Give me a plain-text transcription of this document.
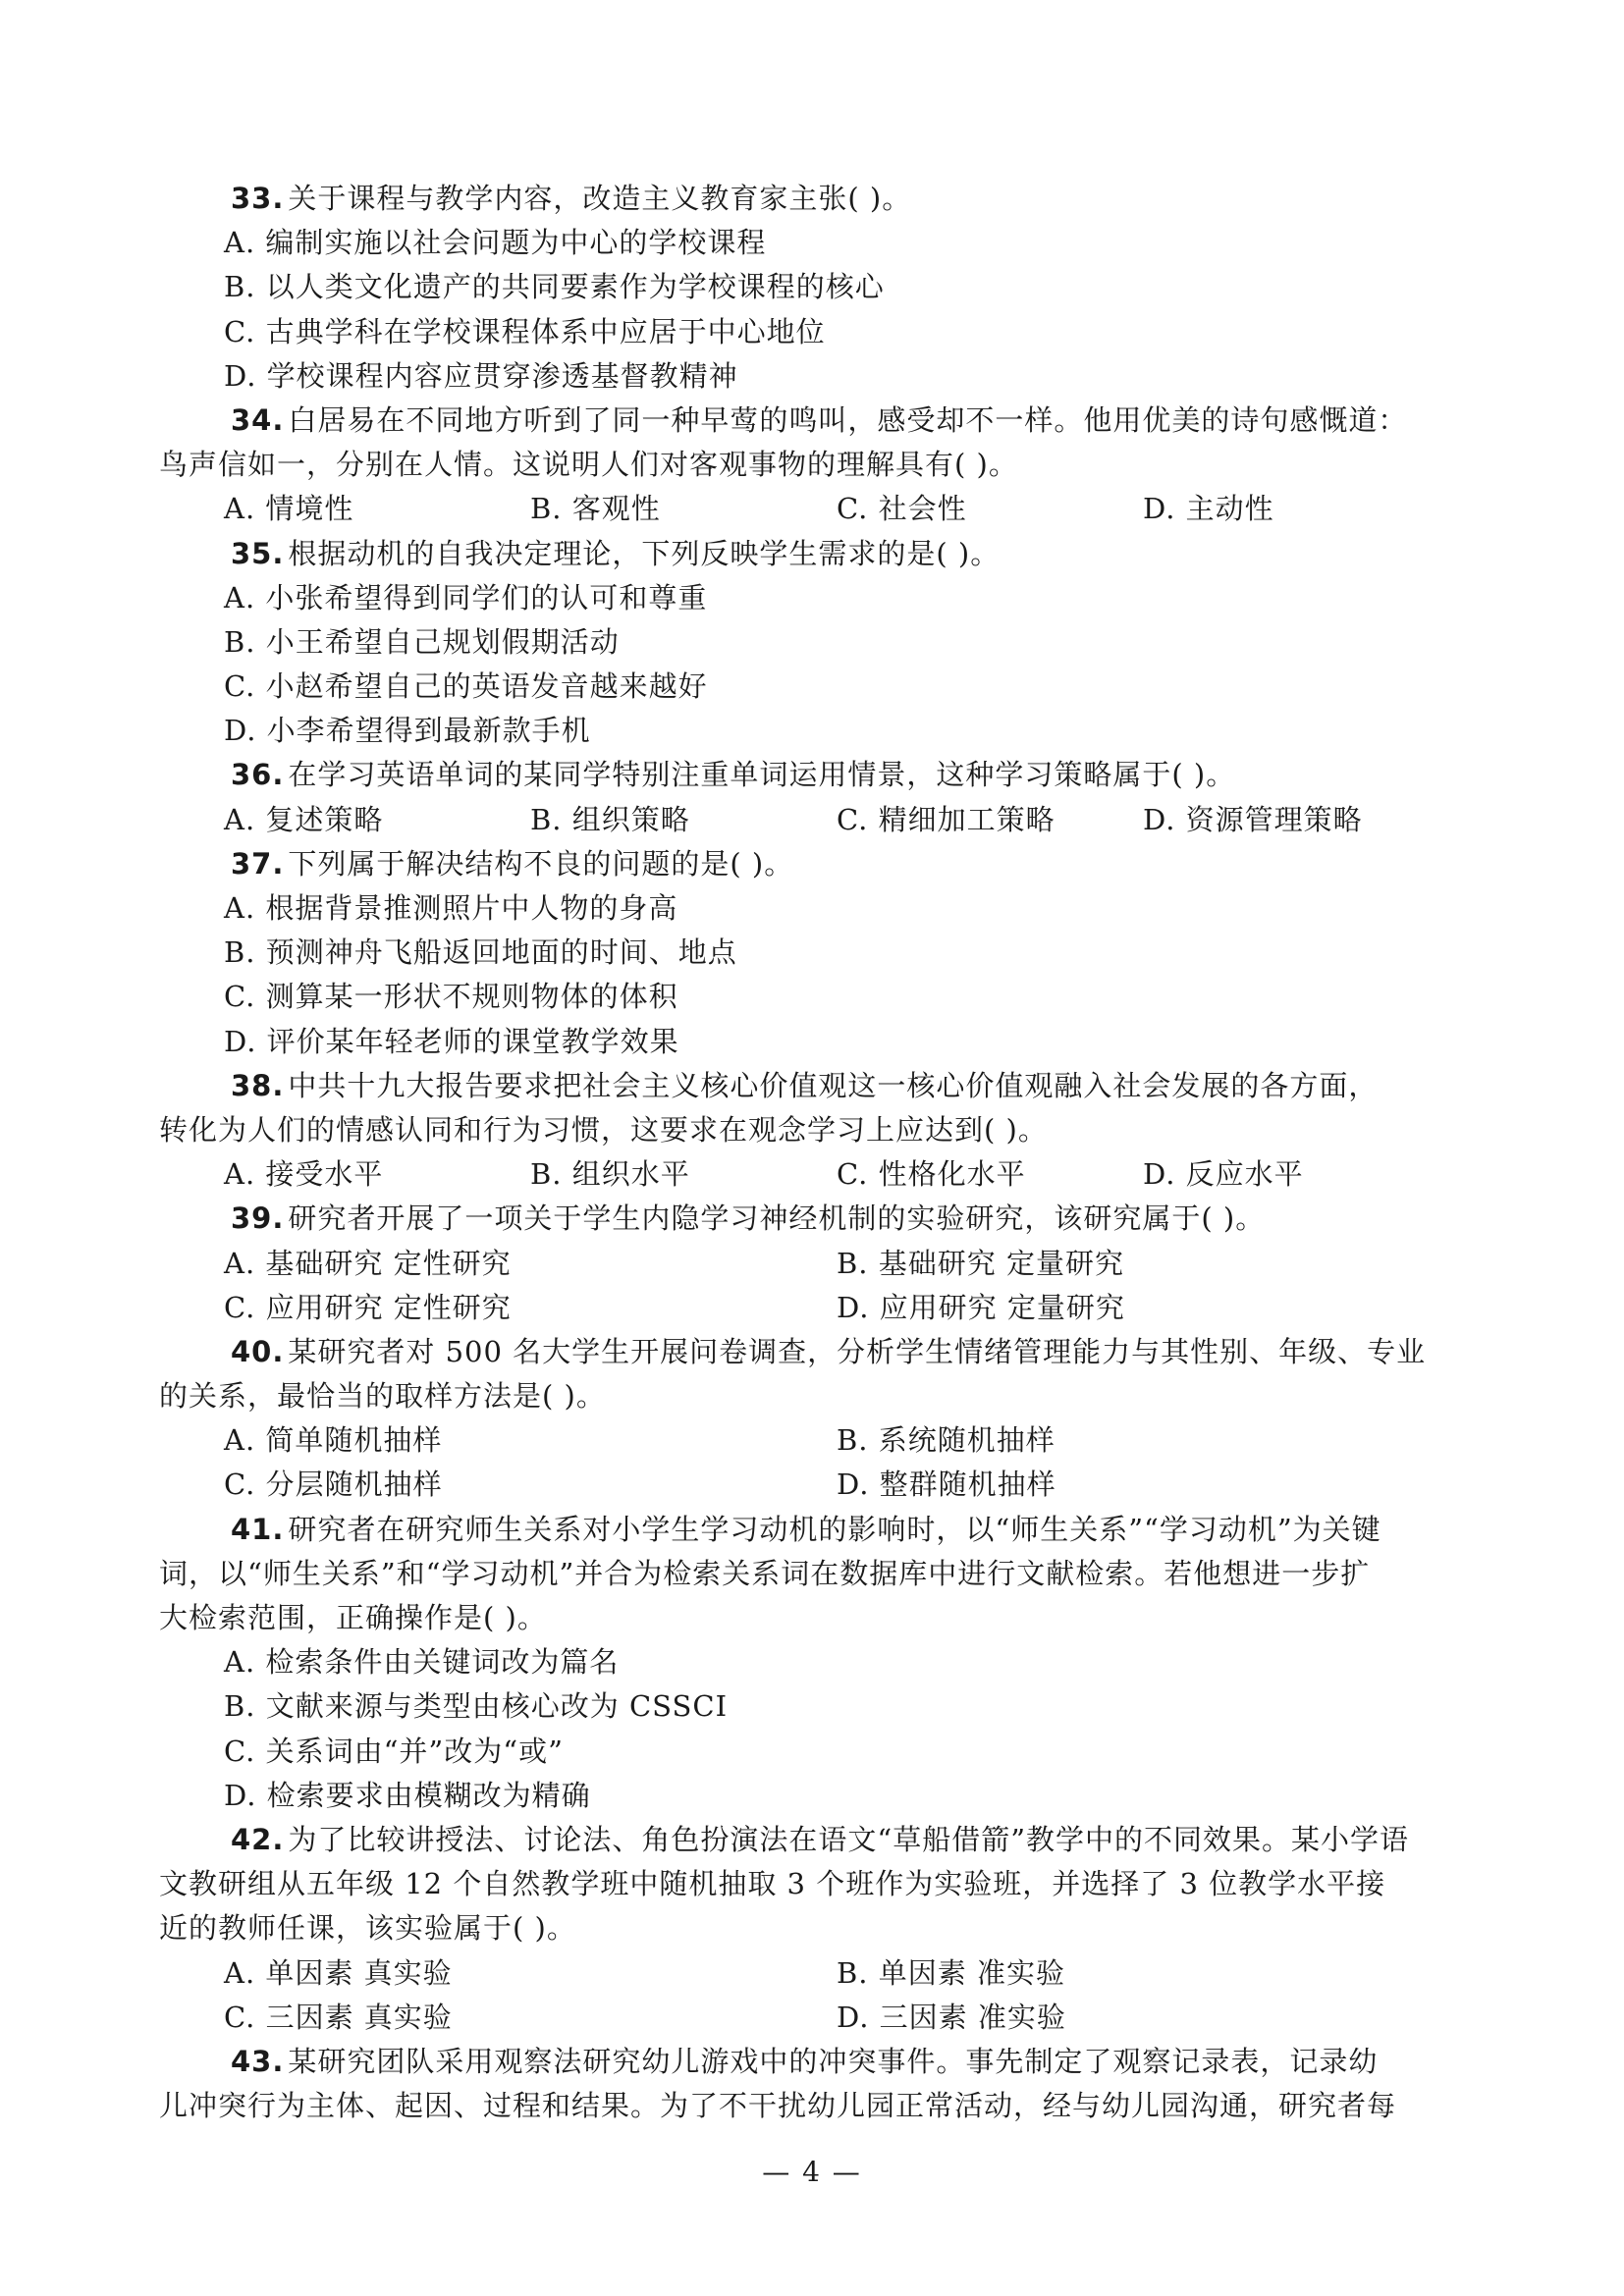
33. 关于课程与教学内容，改造主义教育家主张( )。
A. 编制实施以社会问题为中心的学校课程
B. 以人类文化遗产的共同要素作为学校课程的核心
C. 古典学科在学校课程体系中应居于中心地位
D. 学校课程内容应贯穿渗透基督教精神
34. 白居易在不同地方听到了同一种早莺的鸣叫，感受却不一样。他用优美的诗句感慨道：
鸟声信如一，分别在人情。这说明人们对客观事物的理解具有( )。
A. 情境性	B. 客观性	C. 社会性	D. 主动性
35. 根据动机的自我决定理论，下列反映学生需求的是( )。
A. 小张希望得到同学们的认可和尊重
B. 小王希望自己规划假期活动
C. 小赵希望自己的英语发音越来越好
D. 小李希望得到最新款手机
36. 在学习英语单词的某同学特别注重单词运用情景，这种学习策略属于( )。
A. 复述策略	B. 组织策略	C. 精细加工策略	D. 资源管理策略
37. 下列属于解决结构不良的问题的是( )。
A. 根据背景推测照片中人物的身高
B. 预测神舟飞船返回地面的时间、地点
C. 测算某一形状不规则物体的体积
D. 评价某年轻老师的课堂教学效果
38. 中共十九大报告要求把社会主义核心价值观这一核心价值观融入社会发展的各方面，
转化为人们的情感认同和行为习惯，这要求在观念学习上应达到( )。
A. 接受水平	B. 组织水平	C. 性格化水平	D. 反应水平
39. 研究者开展了一项关于学生内隐学习神经机制的实验研究，该研究属于( )。
A. 基础研究 定性研究	B. 基础研究 定量研究
C. 应用研究 定性研究	D. 应用研究 定量研究
40. 某研究者对 500 名大学生开展问卷调查，分析学生情绪管理能力与其性别、年级、专业
的关系，最恰当的取样方法是( )。
A. 简单随机抽样	B. 系统随机抽样
C. 分层随机抽样	D. 整群随机抽样
41. 研究者在研究师生关系对小学生学习动机的影响时，以“师生关系”“学习动机”为关键
词，以“师生关系”和“学习动机”并合为检索关系词在数据库中进行文献检索。若他想进一步扩
大检索范围，正确操作是( )。
A. 检索条件由关键词改为篇名
B. 文献来源与类型由核心改为 CSSCI
C. 关系词由“并”改为“或”
D. 检索要求由模糊改为精确
42. 为了比较讲授法、讨论法、角色扮演法在语文“草船借箭”教学中的不同效果。某小学语
文教研组从五年级 12 个自然教学班中随机抽取 3 个班作为实验班，并选择了 3 位教学水平接
近的教师任课，该实验属于( )。
A. 单因素 真实验	B. 单因素 准实验
C. 三因素 真实验	D. 三因素 准实验
43. 某研究团队采用观察法研究幼儿游戏中的冲突事件。事先制定了观察记录表，记录幼
儿冲突行为主体、起因、过程和结果。为了不干扰幼儿园正常活动，经与幼儿园沟通，研究者每
— 4 —
